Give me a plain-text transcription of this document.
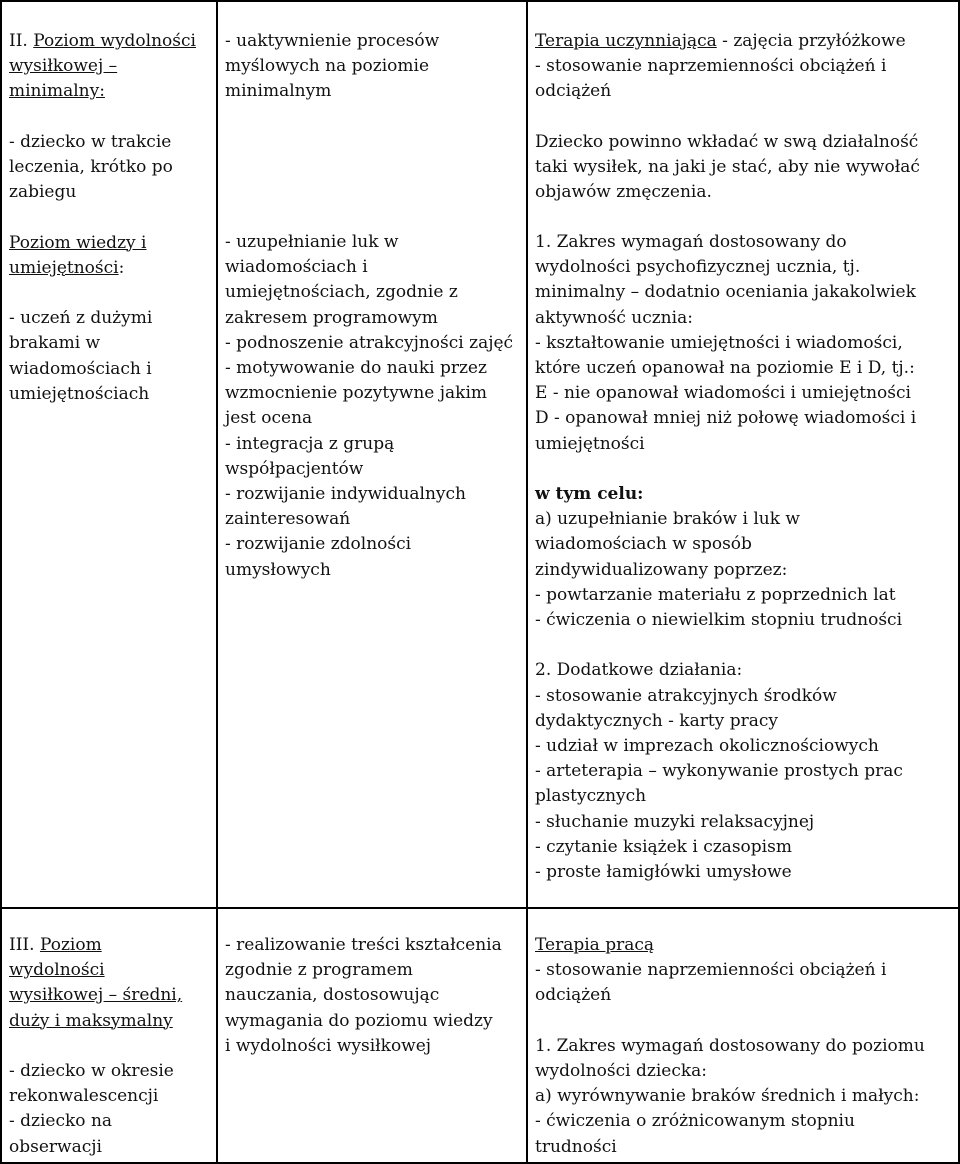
II. Poziom wydolności

wysiłkowej –

minimalny:

- dziecko w trakcie

leczenia, krótko po

zabiegu

Poziom wiedzy i

umiejętności:

- uczeń z dużymi

brakami w

wiadomościach i

umiejętnościach

- uaktywnienie procesów

myślowych na poziomie

minimalnym

- uzupełnianie luk w

wiadomościach i

umiejętnościach, zgodnie z

zakresem programowym

- podnoszenie atrakcyjności zajęć

- motywowanie do nauki przez

wzmocnienie pozytywne jakim

jest ocena

- integracja z grupą

współpacjentów

- rozwijanie indywidualnych

zainteresowań

- rozwijanie zdolności

umysłowych

Terapia uczynniająca - zajęcia przyłóżkowe

- stosowanie naprzemienności obciążeń i

odciążeń

Dziecko powinno wkładać w swą działalność

taki wysiłek, na jaki je stać, aby nie wywołać

objawów zmęczenia.

1. Zakres wymagań dostosowany do

wydolności psychofizycznej ucznia, tj.

minimalny – dodatnio oceniania jakakolwiek

aktywność ucznia:

- kształtowanie umiejętności i wiadomości,

które uczeń opanował na poziomie E i D, tj.:

E - nie opanował wiadomości i umiejętności

D - opanował mniej niż połowę wiadomości i

umiejętności

w tym celu:

a) uzupełnianie braków i luk w

wiadomościach w sposób

zindywidualizowany poprzez:

- powtarzanie materiału z poprzednich lat

- ćwiczenia o niewielkim stopniu trudności

2. Dodatkowe działania:

- stosowanie atrakcyjnych środków

dydaktycznych - karty pracy

- udział w imprezach okolicznościowych

- arteterapia – wykonywanie prostych prac

plastycznych

- słuchanie muzyki relaksacyjnej

- czytanie książek i czasopism

- proste łamigłówki umysłowe

III. Poziom

wydolności

wysiłkowej – średni,

duży i maksymalny

- dziecko w okresie

rekonwalescencji

- dziecko na

obserwacji

- realizowanie treści kształcenia

zgodnie z programem

nauczania, dostosowując

wymagania do poziomu wiedzy

i wydolności wysiłkowej

Terapia pracą

- stosowanie naprzemienności obciążeń i

odciążeń

1. Zakres wymagań dostosowany do poziomu

wydolności dziecka:

a) wyrównywanie braków średnich i małych:

- ćwiczenia o zróżnicowanym stopniu

trudności
